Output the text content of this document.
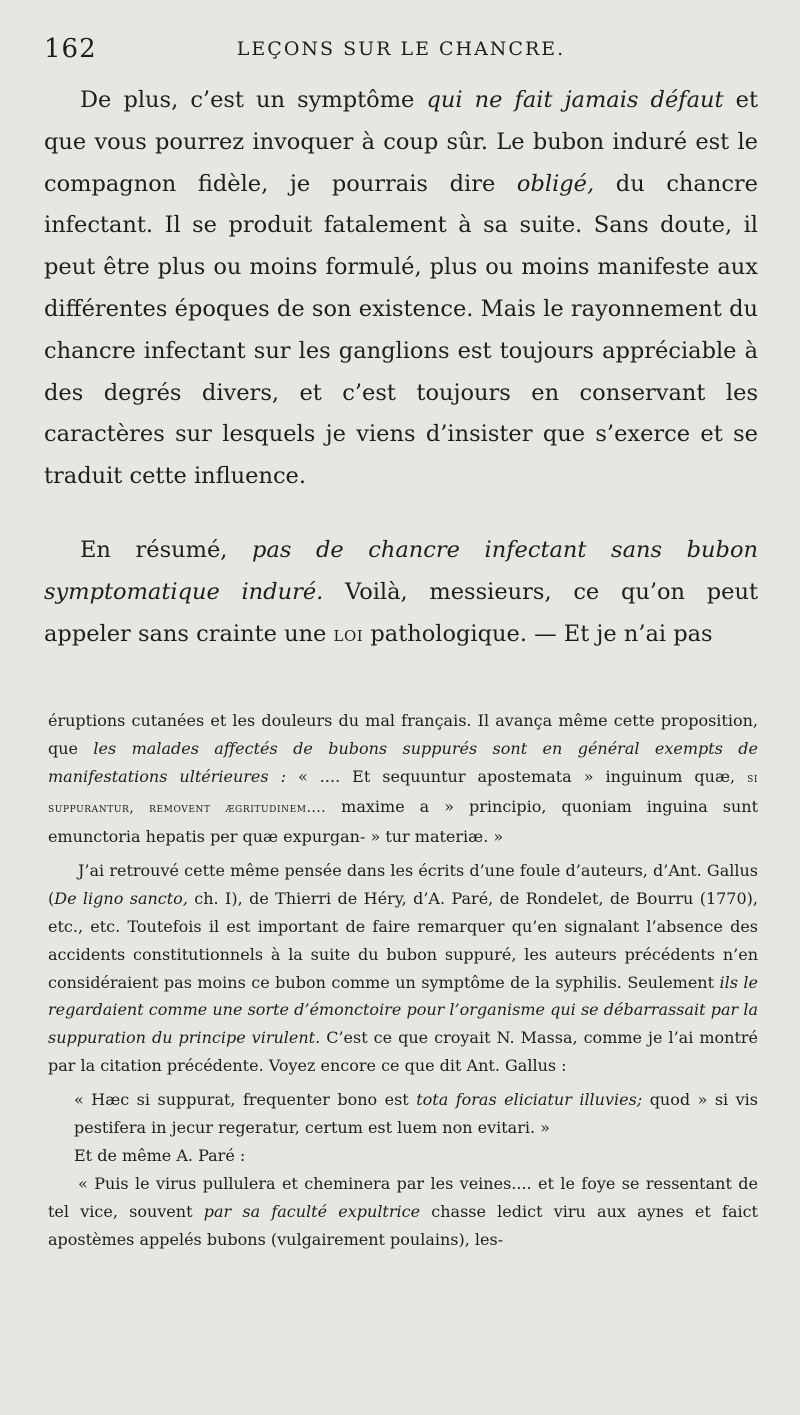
162	LEÇONS SUR LE CHANCRE.

De plus, c’est un symptôme qui ne fait jamais défaut et que vous pourrez invoquer à coup sûr. Le bubon induré est le compagnon fidèle, je pourrais dire obligé, du chancre infectant. Il se produit fatalement à sa suite. Sans doute, il peut être plus ou moins formulé, plus ou moins manifeste aux différentes époques de son existence. Mais le rayonnement du chancre infectant sur les ganglions est toujours appréciable à des degrés divers, et c’est toujours en conservant les caractères sur lesquels je viens d’insister que s’exerce et se traduit cette influence.

En résumé, pas de chancre infectant sans bubon symptomatique induré. Voilà, messieurs, ce qu’on peut appeler sans crainte une loi pathologique. — Et je n’ai pas

éruptions cutanées et les douleurs du mal français. Il avança même cette proposition, que les malades affectés de bubons suppurés sont en général exempts de manifestations ultérieures : « .... Et sequuntur apostemata » inguinum quæ, si suppurantur, removent ægritudinem.... maxime a » principio, quoniam inguina sunt emunctoria hepatis per quæ expurgan- » tur materiæ. »

J’ai retrouvé cette même pensée dans les écrits d’une foule d’auteurs, d’Ant. Gallus (De ligno sancto, ch. I), de Thierri de Héry, d’A. Paré, de Rondelet, de Bourru (1770), etc., etc. Toutefois il est important de faire remarquer qu’en signalant l’absence des accidents constitutionnels à la suite du bubon suppuré, les auteurs précédents n’en considéraient pas moins ce bubon comme un symptôme de la syphilis. Seulement ils le regardaient comme une sorte d’émonctoire pour l’organisme qui se débarrassait par la suppuration du principe virulent. C’est ce que croyait N. Massa, comme je l’ai montré par la citation précédente. Voyez encore ce que dit Ant. Gallus :

« Hæc si suppurat, frequenter bono est tota foras eliciatur illuvies; quod » si vis pestifera in jecur regeratur, certum est luem non evitari. »

Et de même A. Paré :

« Puis le virus pullulera et cheminera par les veines.... et le foye se ressentant de tel vice, souvent par sa faculté expultrice chasse ledict viru aux aynes et faict apostèmes appelés bubons (vulgairement poulains), les-
